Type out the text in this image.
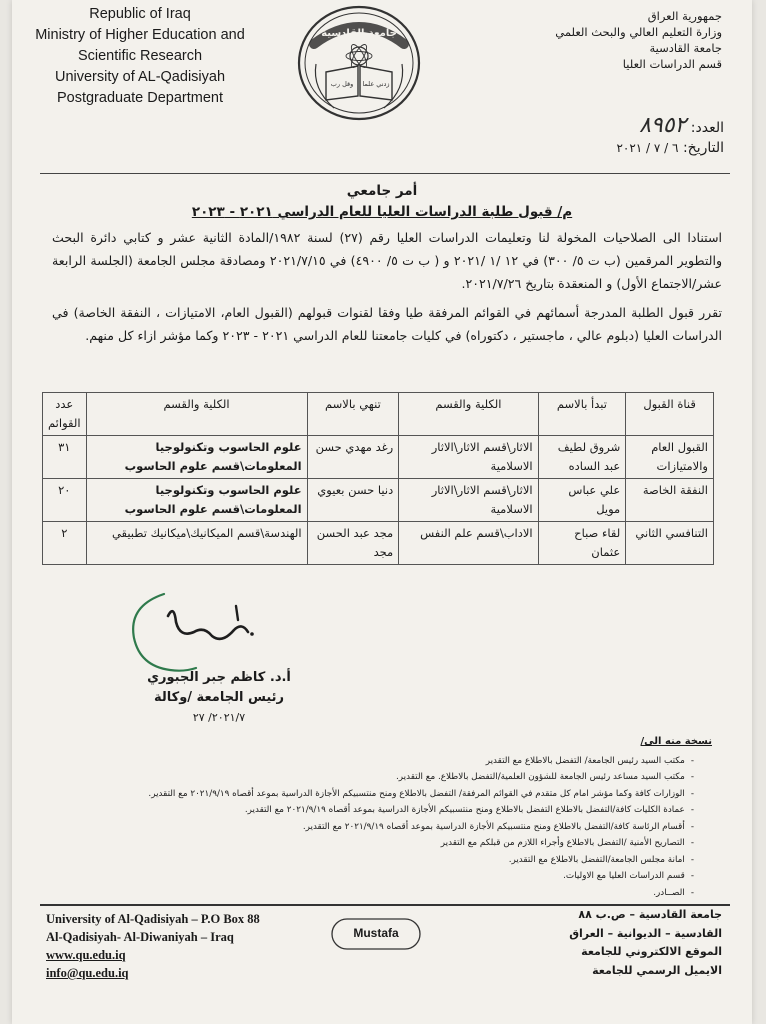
Republic of Iraq
Ministry of Higher Education and
Scientific Research
University of AL-Qadisiyah
Postgraduate Department
جامعة القادسية
وقل رب زدني علما
جمهورية العراق
وزارة التعليم العالي والبحث العلمي
جامعة القادسية
قسم الدراسات العليا
العدد: ٨٩٥٢
التاريخ: ٦ / ٧ / ٢٠٢١
أمر جامعي
م/ قبول طلبة الدراسات العليا للعام الدراسي ٢٠٢١ - ٢٠٢٣

استنادا الى الصلاحيات المخولة لنا وتعليمات الدراسات العليا رقم (٢٧) لسنة ١٩٨٢/المادة الثانية عشر و كتابي دائرة البحث والتطوير المرقمين (ب ت ٥/ ٣٠٠) في ١٢ /١ /٢٠٢١ و ( ب ت ٥/ ٤٩٠٠) في ٢٠٢١/٧/١٥ ومصادقة مجلس الجامعة (الجلسة الرابعة عشر/الاجتماع الأول) و المنعقدة بتاريخ ٢٠٢١/٧/٢٦.

تقرر قبول الطلبة المدرجة أسمائهم في القوائم المرفقة طيا وفقا لقنوات قبولهم (القبول العام، الامتيازات ، النفقة الخاصة) في الدراسات العليا (دبلوم عالي ، ماجستير ، دكتوراه) في كليات جامعتنا للعام الدراسي ٢٠٢١ - ٢٠٢٣ وكما مؤشر ازاء كل منهم.

قناة القبول	تبدأ بالاسم	الكلية والقسم	تنهي بالاسم	الكلية والقسم	عدد القوائم
القبول العام والامتيازات	شروق لطيف عبد الساده	الاثار\قسم الاثار\الاثار الاسلامية	رغد مهدي حسن	علوم الحاسوب وتكنولوجيا المعلومات\قسم علوم الحاسوب	٣١
النفقة الخاصة	علي عباس مويل	الاثار\قسم الاثار\الاثار الاسلامية	دنيا حسن بعيوي	علوم الحاسوب وتكنولوجيا المعلومات\قسم علوم الحاسوب	٢٠
التنافسي الثاني	لقاء صباح عثمان	الاداب\قسم علم النفس	مجد عبد الحسن مجد	الهندسة\قسم الميكانيك\ميكانيك تطبيقي	٢
أ.د. كاظم جبر الجبوري
رئيس الجامعة /وكالة
٢٠٢١/٧/ ٢٧
نسخة منه الى/
- مكتب السيد رئيس الجامعة/ التفضل بالاطلاع مع التقدير
- مكتب السيد مساعد رئيس الجامعة للشؤون العلمية/التفضل بالاطلاع. مع التقدير.
- الوزارات كافة وكما مؤشر امام كل متقدم في القوائم المرفقة/ التفضل بالاطلاع ومنح منتسبيكم الأجازة الدراسية بموعد أقصاه ٢٠٢١/٩/١٩ مع التقدير.
- عمادة الكليات كافة/التفضل بالاطلاع التفضل بالاطلاع ومنح منتسبيكم الأجازة الدراسية بموعد أقصاه ٢٠٢١/٩/١٩ مع التقدير.
- أقسام الرئاسة كافة/التفضل بالاطلاع ومنح منتسبيكم الأجازة الدراسية بموعد أقصاه ٢٠٢١/٩/١٩ مع التقدير.
- التصاريح الأمنية /التفضل بالاطلاع وأجراء اللازم من قبلكم مع التقدير
- امانة مجلس الجامعة/التفضل بالاطلاع مع التقدير.
- قسم الدراسات العليا مع الاوليات.
- الصــادر.
University of Al-Qadisiyah – P.O Box 88
Al-Qadisiyah- Al-Diwaniyah – Iraq
www.qu.edu.iq
info@qu.edu.iq
Mustafa
جامعة القادسية – ص.ب ٨٨
القادسية – الديوانية – العراق
الموقع الالكتروني للجامعة
الايميل الرسمي للجامعة
